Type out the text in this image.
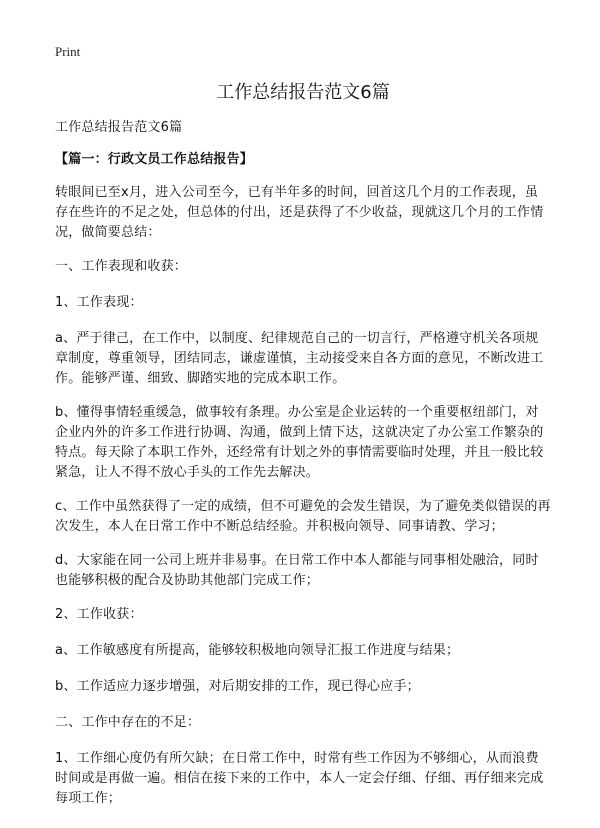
Print
工作总结报告范文6篇

工作总结报告范文6篇

【篇一：行政文员工作总结报告】

转眼间已至x月，进入公司至今，已有半年多的时间，回首这几个月的工作表现，虽存在些许的不足之处，但总体的付出，还是获得了不少收益，现就这几个月的工作情况，做简要总结：

一、工作表现和收获：

1、工作表现：

a、严于律己，在工作中，以制度、纪律规范自己的一切言行，严格遵守机关各项规章制度，尊重领导，团结同志，谦虚谨慎，主动接受来自各方面的意见，不断改进工作。能够严谨、细致、脚踏实地的完成本职工作。

b、懂得事情轻重缓急，做事较有条理。办公室是企业运转的一个重要枢纽部门，对企业内外的许多工作进行协调、沟通，做到上情下达，这就决定了办公室工作繁杂的特点。每天除了本职工作外，还经常有计划之外的事情需要临时处理，并且一般比较紧急，让人不得不放心手头的工作先去解决。

c、工作中虽然获得了一定的成绩，但不可避免的会发生错误，为了避免类似错误的再次发生，本人在日常工作中不断总结经验。并积极向领导、同事请教、学习；

d、大家能在同一公司上班并非易事。在日常工作中本人都能与同事相处融洽，同时也能够积极的配合及协助其他部门完成工作；

2、工作收获：

a、工作敏感度有所提高，能够较积极地向领导汇报工作进度与结果；

b、工作适应力逐步增强，对后期安排的工作，现已得心应手；

二、工作中存在的不足：

1、工作细心度仍有所欠缺；在日常工作中，时常有些工作因为不够细心，从而浪费时间或是再做一遍。相信在接下来的工作中，本人一定会仔细、仔细、再仔细来完成每项工作；
